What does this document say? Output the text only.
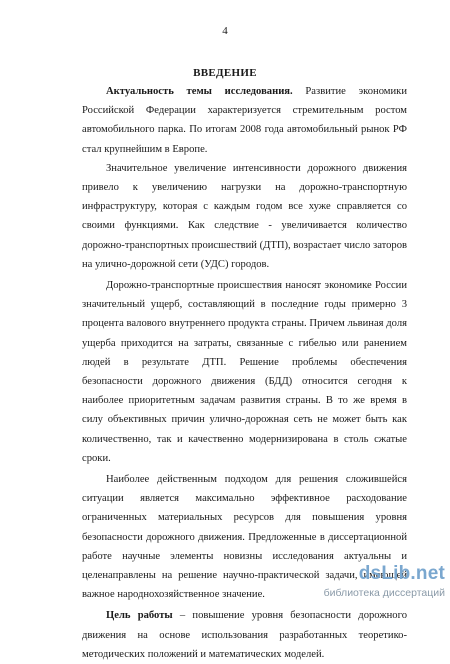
4
ВВЕДЕНИЕ

Актуальность темы исследования. Развитие экономики Российской Федерации характеризуется стремительным ростом автомобильного парка. По итогам 2008 года автомобильный рынок РФ стал крупнейшим в Европе.

Значительное увеличение интенсивности дорожного движения привело к увеличению нагрузки на дорожно-транспортную инфраструктуру, которая с каждым годом все хуже справляется со своими функциями. Как следствие - увеличивается количество дорожно-транспортных происшествий (ДТП), возрастает число заторов на улично-дорожной сети (УДС) городов.

Дорожно-транспортные происшествия наносят экономике России значительный ущерб, составляющий в последние годы примерно 3 процента валового внутреннего продукта страны. Причем львиная доля ущерба приходится на затраты, связанные с гибелью или ранением людей в результате ДТП. Решение проблемы обеспечения безопасности дорожного движения (БДД) относится сегодня к наиболее приоритетным задачам развития страны. В то же время в силу объективных причин улично-дорожная сеть не может быть как количественно, так и качественно модернизирована в столь сжатые сроки.

Наиболее действенным подходом для решения сложившейся ситуации является максимально эффективное расходование ограниченных материальных ресурсов для повышения уровня безопасности дорожного движения. Предложенные в диссертационной работе научные элементы новизны исследования актуальны и целенаправлены на решение научно-практической задачи, имеющей важное народнохозяйственное значение.

Цель работы – повышение уровня безопасности дорожного движения на основе использования разработанных теоретико-методических положений и математических моделей.

dsLib.net
библиотека диссертаций
